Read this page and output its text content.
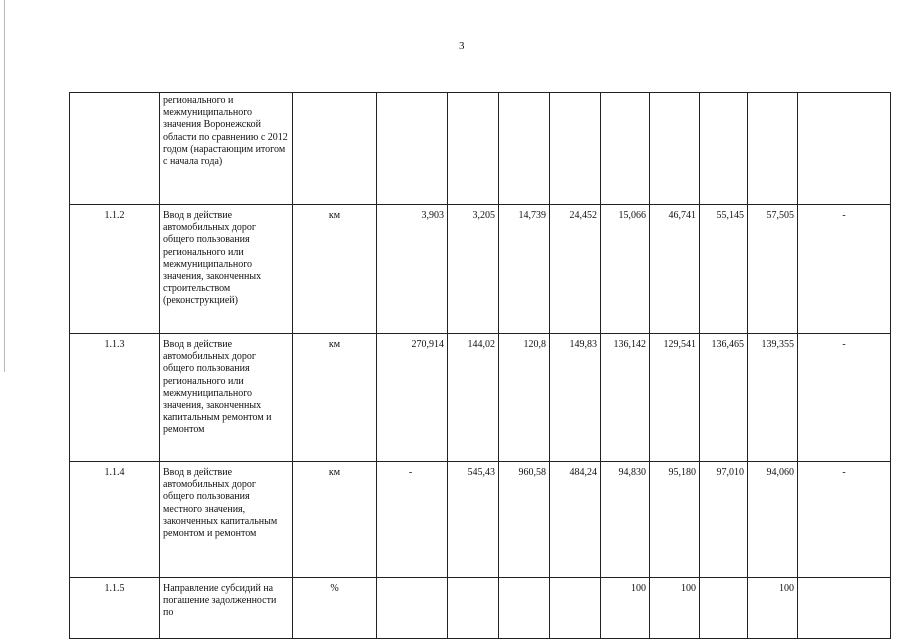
3

	регионального и межмуниципального значения Воронежской области по сравнению с 2012 годом (нарастающим итогом с начала года)										

1.1.2	Ввод в действие автомобильных дорог общего пользования регионального или межмуниципального значения, законченных строительством (реконструкцией)	км	3,903	3,205	14,739	24,452	15,066	46,741	55,145	57,505	-
1.1.3	Ввод в действие автомобильных дорог общего пользования регионального или межмуниципального значения, законченных капитальным ремонтом и ремонтом	км	270,914	144,02	120,8	149,83	136,142	129,541	136,465	139,355	-
1.1.4	Ввод в действие автомобильных дорог общего пользования местного значения, законченных капитальным ремонтом и ремонтом	км	-	545,43	960,58	484,24	94,830	95,180	97,010	94,060	-
1.1.5	Направление субсидий на погашение задолженности по	%					100	100		100	
